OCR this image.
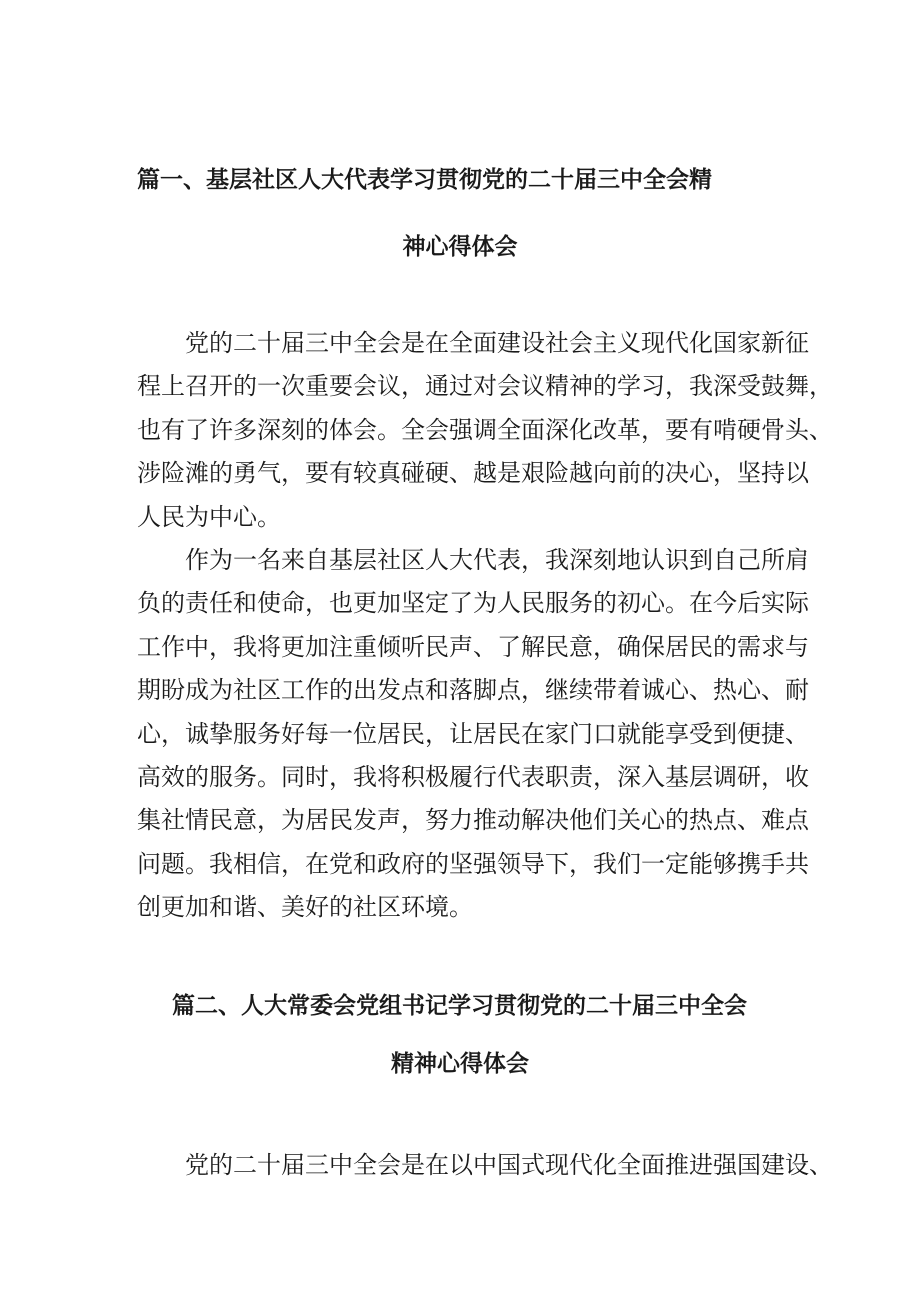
篇一、基层社区人大代表学习贯彻党的二十届三中全会精
神心得体会
党的二十届三中全会是在全面建设社会主义现代化国家新征
程上召开的一次重要会议，通过对会议精神的学习，我深受鼓舞，
也有了许多深刻的体会。全会强调全面深化改革，要有啃硬骨头、
涉险滩的勇气，要有较真碰硬、越是艰险越向前的决心，坚持以
人民为中心。
作为一名来自基层社区人大代表，我深刻地认识到自己所肩
负的责任和使命，也更加坚定了为人民服务的初心。在今后实际
工作中，我将更加注重倾听民声、了解民意，确保居民的需求与
期盼成为社区工作的出发点和落脚点，继续带着诚心、热心、耐
心，诚挚服务好每一位居民，让居民在家门口就能享受到便捷、
高效的服务。同时，我将积极履行代表职责，深入基层调研，收
集社情民意，为居民发声，努力推动解决他们关心的热点、难点
问题。我相信，在党和政府的坚强领导下，我们一定能够携手共
创更加和谐、美好的社区环境。
篇二、人大常委会党组书记学习贯彻党的二十届三中全会
精神心得体会
党的二十届三中全会是在以中国式现代化全面推进强国建设、
